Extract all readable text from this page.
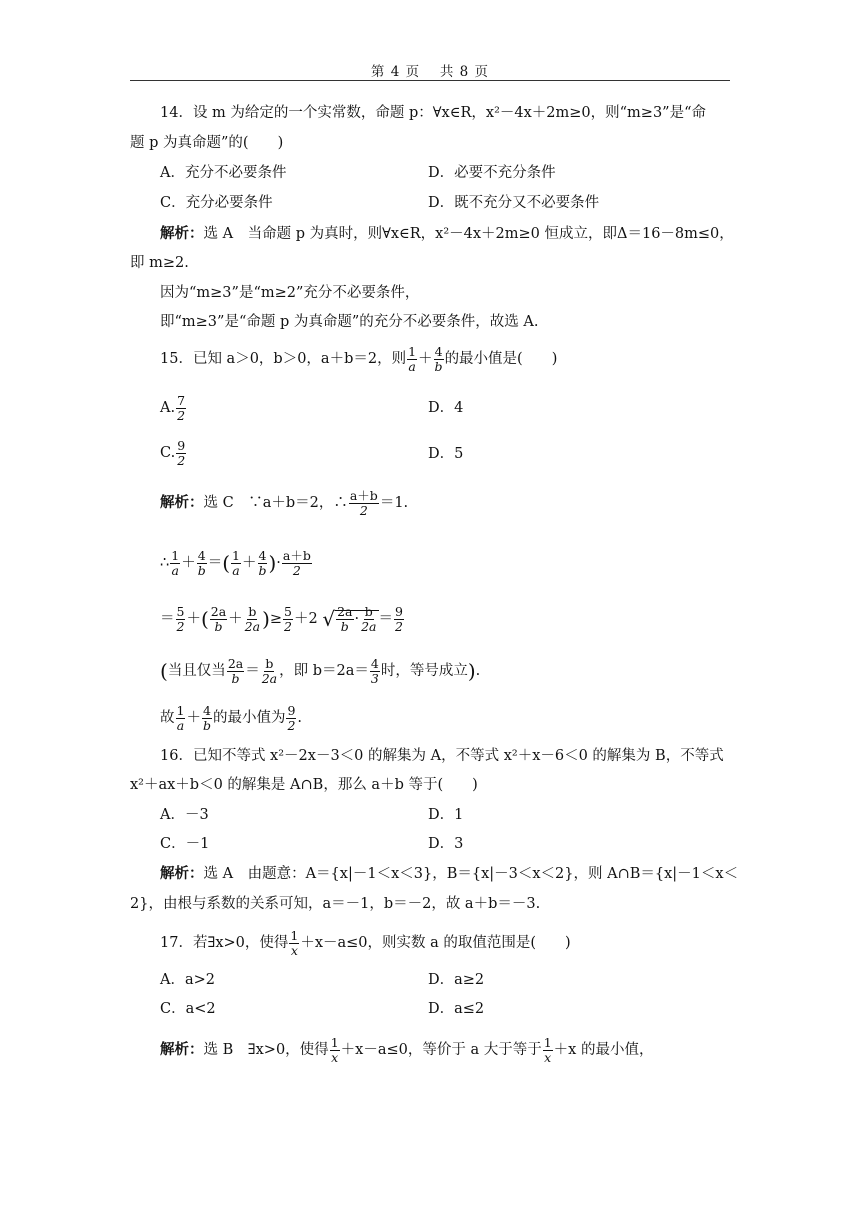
第 4 页　 共 8 页
14．设 m 为给定的一个实常数，命题 p：∀x∈R，x²－4x＋2m≥0，则“m≥3”是“命
题 p 为真命题”的(　　)
A．充分不必要条件	D．必要不充分条件
C．充分必要条件	D．既不充分又不必要条件
解析：选 A　当命题 p 为真时，则∀x∈R，x²－4x＋2m≥0 恒成立，即Δ＝16－8m≤0，
即 m≥2.
因为“m≥3”是“m≥2”充分不必要条件，
即“m≥3”是“命题 p 为真命题”的充分不必要条件，故选 A.
15．已知 a＞0，b＞0，a＋b＝2，则 $\frac{1}{a} + \frac{4}{b}$ 的最小值是(　　)
A. $\frac{7}{2}$	D．4
C. $\frac{9}{2}$	D．5
解析：选 C　∵a＋b＝2，∴ $\frac{a+b}{2} =1$.
∴ $\frac{1}{a} + \frac{4}{b}$ ＝( $\frac{1}{a} + \frac{4}{b}$ )· $\frac{a+b}{2}$
＝ $\frac{5}{2}$ ＋( $\frac{2a}{b} + \frac{b}{2a}$ )≥ $\frac{5}{2} +2$ √ $\frac{2a}{b} \cdot \frac{b}{2a} = \frac{9}{2}$
(当且仅当 $\frac{2a}{b} = \frac{b}{2a}$ ，即 $b=2a= \frac{4}{3}$ 时，等号成立).
故 $\frac{1}{a} + \frac{4}{b}$ 的最小值为 $\frac{9}{2}$ .
16．已知不等式 x²－2x－3＜0 的解集为 A，不等式 x²＋x－6＜0 的解集为 B，不等式
x²＋ax＋b＜0 的解集是 A∩B，那么 a＋b 等于(　　)
A．－3	D．1
C．－1	D．3
解析：选 A　由题意：A＝{x|－1＜x＜3}，B＝{x|－3＜x＜2}，则 A∩B＝{x|－1＜x＜
2}，由根与系数的关系可知，a＝－1，b＝－2，故 a＋b＝－3.
17．若∃x>0，使得 $\frac{1}{x} +x-a\le 0$，则实数 a 的取值范围是(　　)
A．a>2	D．a≥2
C．a<2	D．a≤2
解析：选 B　∃x>0，使得 $\frac{1}{x} +x-a\le 0$，等价于 a 大于等于 $\frac{1}{x} +x$ 的最小值，
